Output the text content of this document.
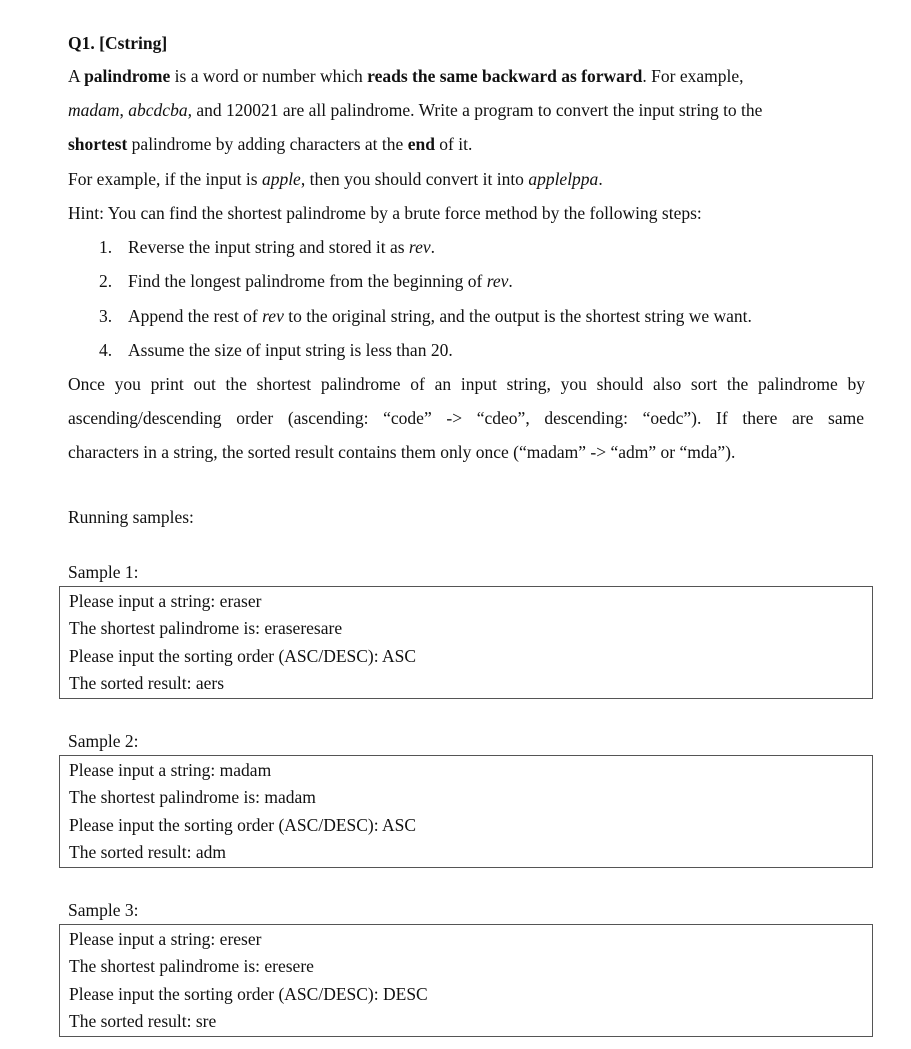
Q1. [Cstring]
A palindrome is a word or number which reads the same backward as forward. For example,
madam, abcdcba, and 120021 are all palindrome. Write a program to convert the input string to the
shortest palindrome by adding characters at the end of it.
For example, if the input is apple, then you should convert it into applelppa.
Hint: You can find the shortest palindrome by a brute force method by the following steps:
1. Reverse the input string and stored it as rev.
2. Find the longest palindrome from the beginning of rev.
3. Append the rest of rev to the original string, and the output is the shortest string we want.
4. Assume the size of input string is less than 20.
Once you print out the shortest palindrome of an input string, you should also sort the palindrome by
ascending/descending order (ascending: “code” -> “cdeo”, descending: “oedc”). If there are same
characters in a string, the sorted result contains them only once (“madam” -> “adm” or “mda”).
Running samples:
Sample 1:
Please input a string: eraser
The shortest palindrome is: eraseresare
Please input the sorting order (ASC/DESC): ASC
The sorted result: aers
Sample 2:
Please input a string: madam
The shortest palindrome is: madam
Please input the sorting order (ASC/DESC): ASC
The sorted result: adm
Sample 3:
Please input a string: ereser
The shortest palindrome is: eresere
Please input the sorting order (ASC/DESC): DESC
The sorted result: sre
